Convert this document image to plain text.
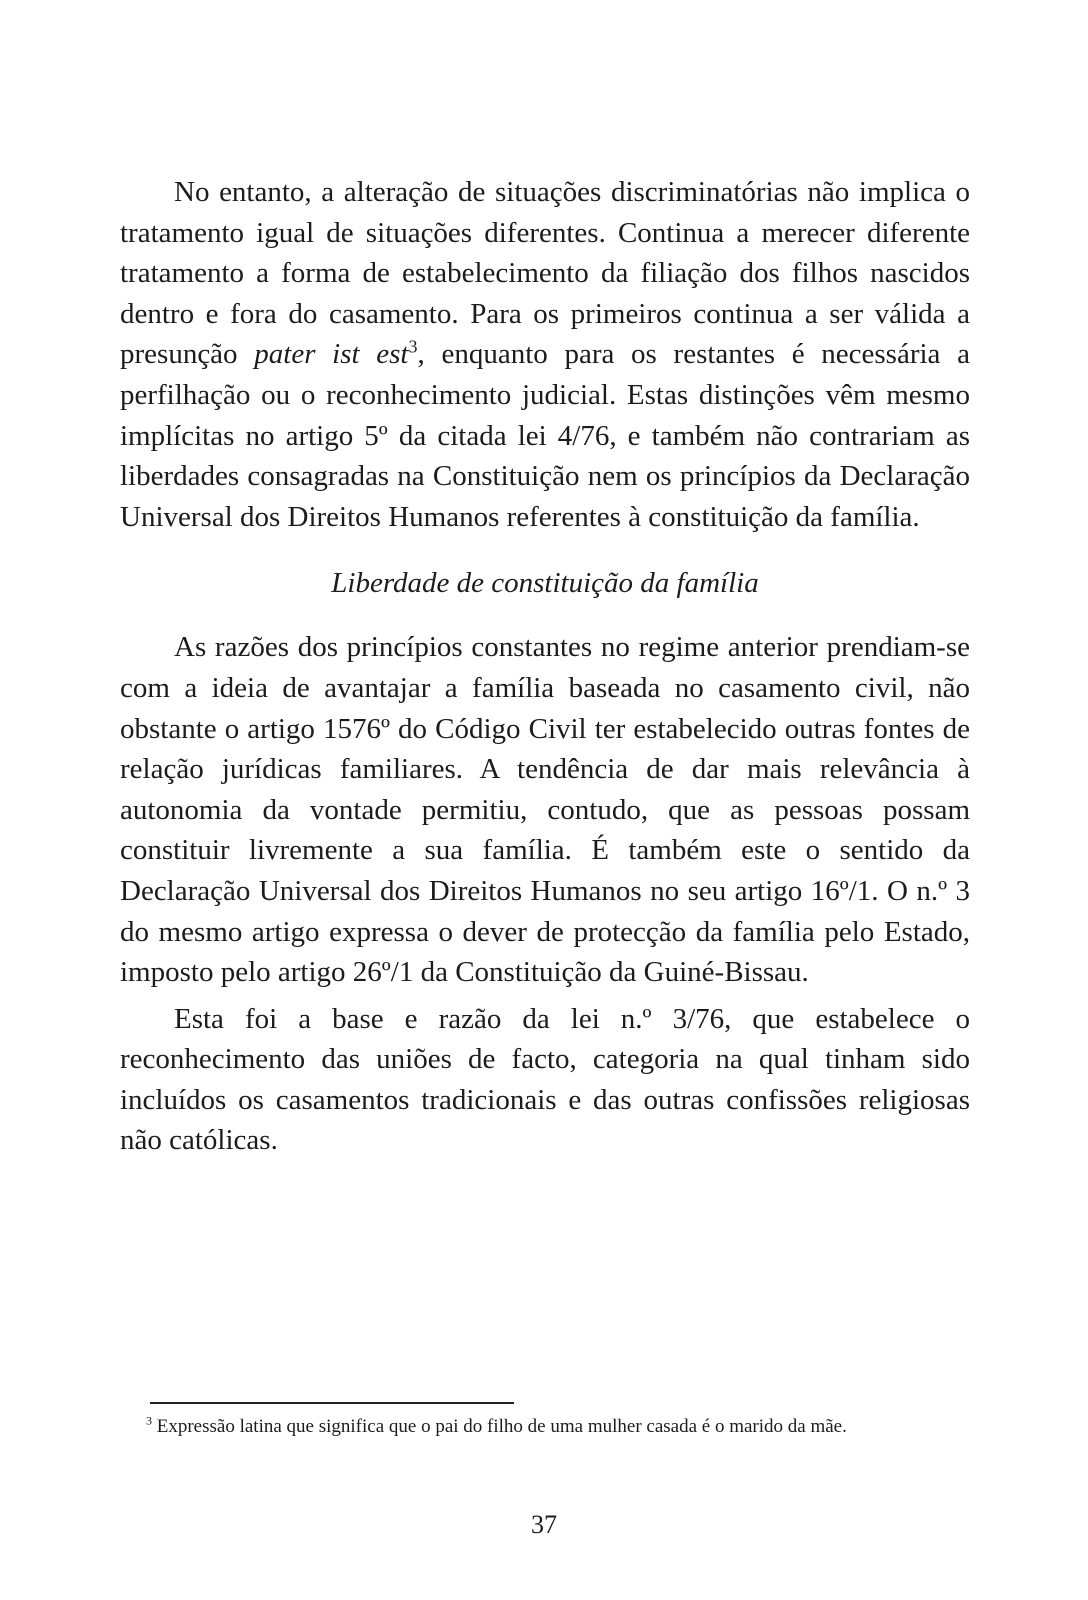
No entanto, a alteração de situações discriminatórias não implica o tratamento igual de situações diferentes. Continua a merecer diferente tratamento a forma de estabelecimento da filiação dos filhos nascidos dentro e fora do casamento. Para os primeiros continua a ser válida a presunção pater ist est$^3$, enquanto para os restantes é necessária a perfilhação ou o reconhecimento judicial. Estas distinções vêm mesmo implícitas no artigo 5º da citada lei 4/76, e também não contrariam as liberdades consagradas na Constituição nem os princípios da Declaração Universal dos Direitos Humanos referentes à constituição da família.

Liberdade de constituição da família

As razões dos princípios constantes no regime anterior prendiam-se com a ideia de avantajar a família baseada no casamento civil, não obstante o artigo 1576º do Código Civil ter estabelecido outras fontes de relação jurídicas familiares. A tendência de dar mais relevância à autonomia da vontade permitiu, contudo, que as pessoas possam constituir livremente a sua família. É também este o sentido da Declaração Universal dos Direitos Humanos no seu artigo 16º/1. O n.º 3 do mesmo artigo expressa o dever de protecção da família pelo Estado, imposto pelo artigo 26º/1 da Constituição da Guiné-Bissau.

Esta foi a base e razão da lei n.º 3/76, que estabelece o reconhecimento das uniões de facto, categoria na qual tinham sido incluídos os casamentos tradicionais e das outras confissões religiosas não católicas.

$^3$ Expressão latina que significa que o pai do filho de uma mulher casada é o marido da mãe.
37
